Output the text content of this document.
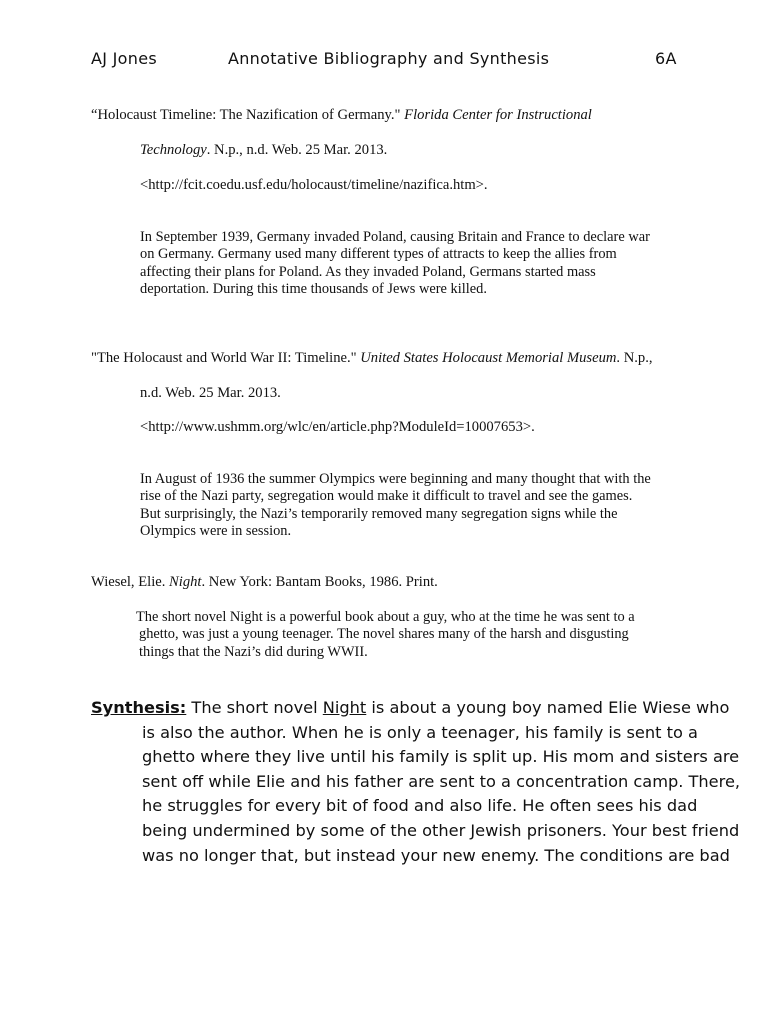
AJ Jones	Annotative Bibliography and Synthesis	6A
“Holocaust Timeline: The Nazification of Germany." Florida Center for Instructional
Technology. N.p., n.d. Web. 25 Mar. 2013.
<http://fcit.coedu.usf.edu/holocaust/timeline/nazifica.htm>.
In September 1939, Germany invaded Poland, causing Britain and France to declare war
on Germany. Germany used many different types of attracts to keep the allies from
affecting their plans for Poland. As they invaded Poland, Germans started mass
deportation. During this time thousands of Jews were killed.
"The Holocaust and World War II: Timeline." United States Holocaust Memorial Museum. N.p.,
n.d. Web. 25 Mar. 2013.
<http://www.ushmm.org/wlc/en/article.php?ModuleId=10007653>.
In August of 1936 the summer Olympics were beginning and many thought that with the
rise of the Nazi party, segregation would make it difficult to travel and see the games.
But surprisingly, the Nazi’s temporarily removed many segregation signs while the
Olympics were in session.
Wiesel, Elie. Night. New York: Bantam Books, 1986. Print.
The short novel Night is a powerful book about a guy, who at the time he was sent to a
ghetto, was just a young teenager. The novel shares many of the harsh and disgusting
things that the Nazi’s did during WWII.
Synthesis: The short novel Night is about a young boy named Elie Wiese who is also the author. When he is only a teenager, his family is sent to a ghetto where they live until his family is split up. His mom and sisters are sent off while Elie and his father are sent to a concentration camp. There, he struggles for every bit of food and also life. He often sees his dad being undermined by some of the other Jewish prisoners. Your best friend was no longer that, but instead your new enemy. The conditions are bad
